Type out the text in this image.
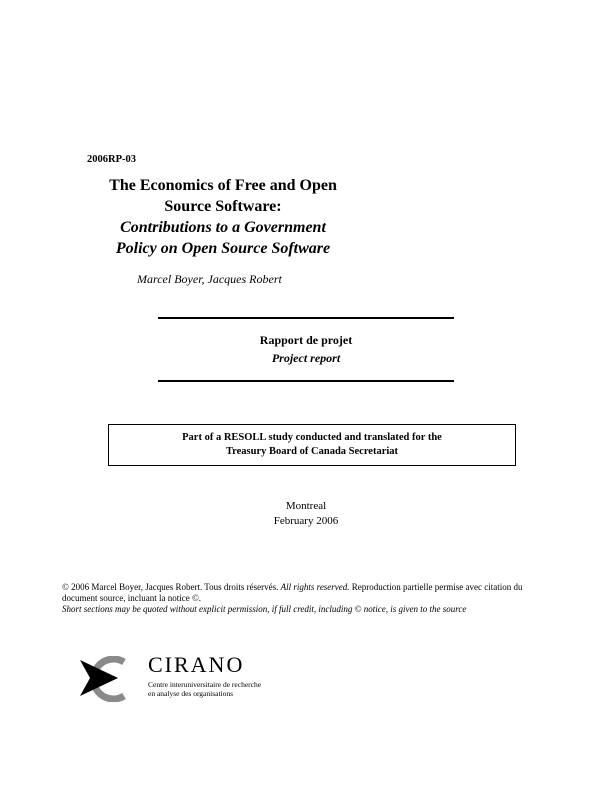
2006RP-03
The Economics of Free and Open
Source Software:
Contributions to a Government
Policy on Open Source Software
Marcel Boyer, Jacques Robert
Rapport de projet
Project report
Part of a RESOLL study conducted and translated for the
Treasury Board of Canada Secretariat
Montreal
February 2006
© 2006 Marcel Boyer, Jacques Robert. Tous droits réservés. All rights reserved. Reproduction partielle permise avec citation du document source, incluant la notice ©.
Short sections may be quoted without explicit permission, if full credit, including © notice, is given to the source
CIRANO
Centre interuniversitaire de recherche
en analyse des organisations
